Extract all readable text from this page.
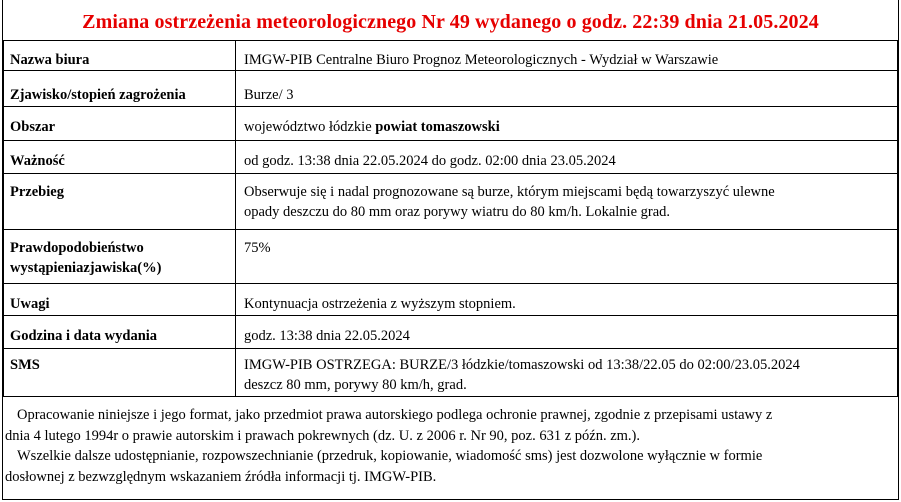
Zmiana ostrzeżenia meteorologicznego Nr 49 wydanego o godz. 22:39 dnia 21.05.2024
Nazwa biura	IMGW-PIB Centralne Biuro Prognoz Meteorologicznych - Wydział w Warszawie
Zjawisko/stopień zagrożenia	Burze/ 3
Obszar	województwo łódzkie powiat tomaszowski
Ważność	od godz. 13:38 dnia 22.05.2024 do godz. 02:00 dnia 23.05.2024
Przebieg	Obserwuje się i nadal prognozowane są burze, którym miejscami będą towarzyszyć ulewne
opady deszczu do 80 mm oraz porywy wiatru do 80 km/h. Lokalnie grad.

Prawdopodobieństwo
wystąpieniazjawiska(%)	75%
Uwagi	Kontynuacja ostrzeżenia z wyższym stopniem.
Godzina i data wydania	godz. 13:38 dnia 22.05.2024
SMS	IMGW-PIB OSTRZEGA: BURZE/3 łódzkie/tomaszowski od 13:38/22.05 do 02:00/23.05.2024
deszcz 80 mm, porywy 80 km/h, grad.

Opracowanie niniejsze i jego format, jako przedmiot prawa autorskiego podlega ochronie prawnej, zgodnie z przepisami ustawy z

dnia 4 lutego 1994r o prawie autorskim i prawach pokrewnych (dz. U. z 2006 r. Nr 90, poz. 631 z późn. zm.).

Wszelkie dalsze udostępnianie, rozpowszechnianie (przedruk, kopiowanie, wiadomość sms) jest dozwolone wyłącznie w formie

dosłownej z bezwzględnym wskazaniem źródła informacji tj. IMGW-PIB.
